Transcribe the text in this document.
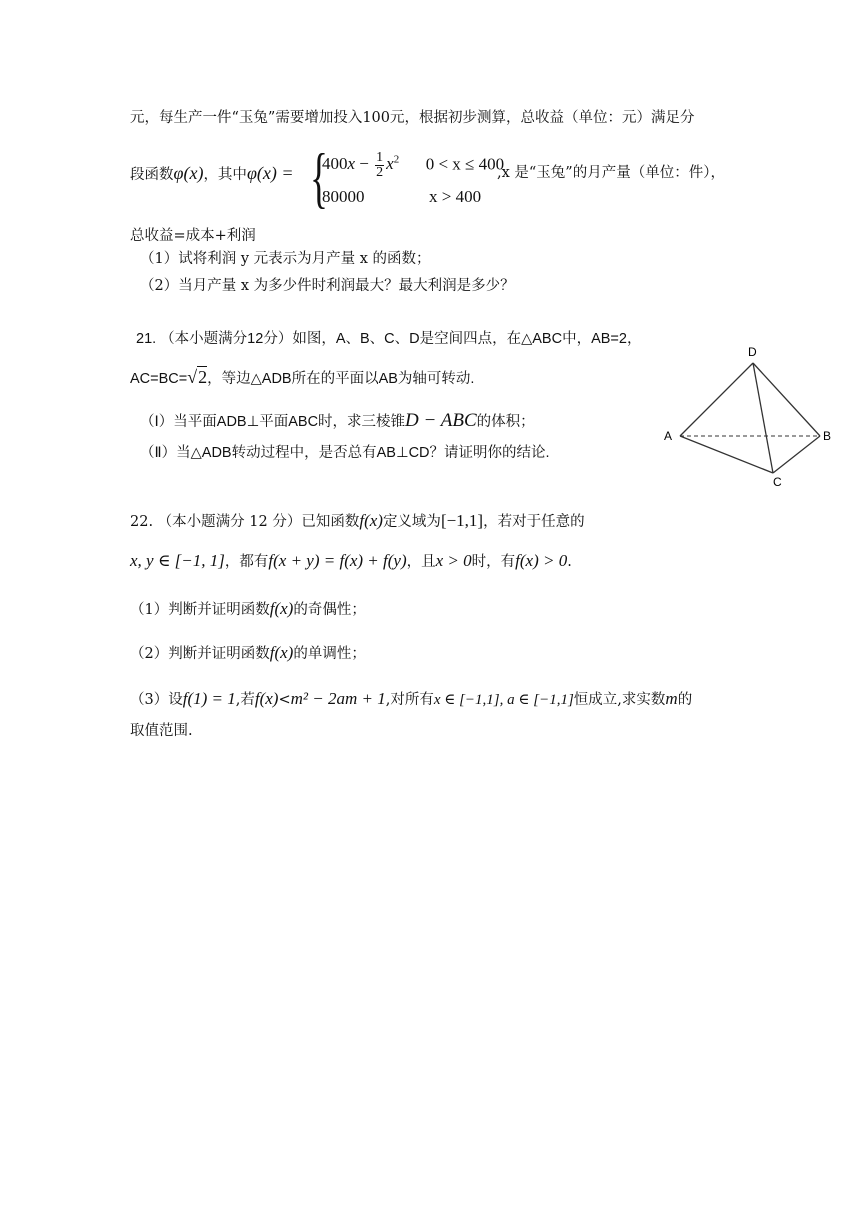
元，每生产一件“玉兔”需要增加投入100元，根据初步测算，总收益（单位：元）满足分
段函数φ(x)，其中φ(x) = {
$400x - \frac{1}{2} x^2$ 0 < x ≤ 400
80000	x > 400
,x 是“玉兔”的月产量（单位：件），
总收益=成本+利润
（1）试将利润 y 元表示为月产量 x 的函数；
（2）当月产量 x 为多少件时利润最大？最大利润是多少？
21. （本小题满分12分）如图，A、B、C、D是空间四点，在△ABC中，AB=2，
AC=BC=√2，等边△ADB所在的平面以AB为轴可转动.
（Ⅰ）当平面ADB⊥平面ABC时，求三棱锥D − ABC的体积；
（Ⅱ）当△ADB转动过程中，是否总有AB⊥CD？请证明你的结论.
D
A	B
C
22. （本小题满分 12 分）已知函数f(x)定义域为[−1,1]，若对于任意的
x, y ∈ [−1, 1]，都有f(x + y) = f(x) + f(y)，且x > 0时，有f(x) > 0.
（1）判断并证明函数f(x)的奇偶性；
（2）判断并证明函数f(x)的单调性；
（3）设f(1) = 1,若f(x)<m² − 2am + 1,对所有x ∈ [−1,1], a ∈ [−1,1]恒成立,求实数m的
取值范围.
